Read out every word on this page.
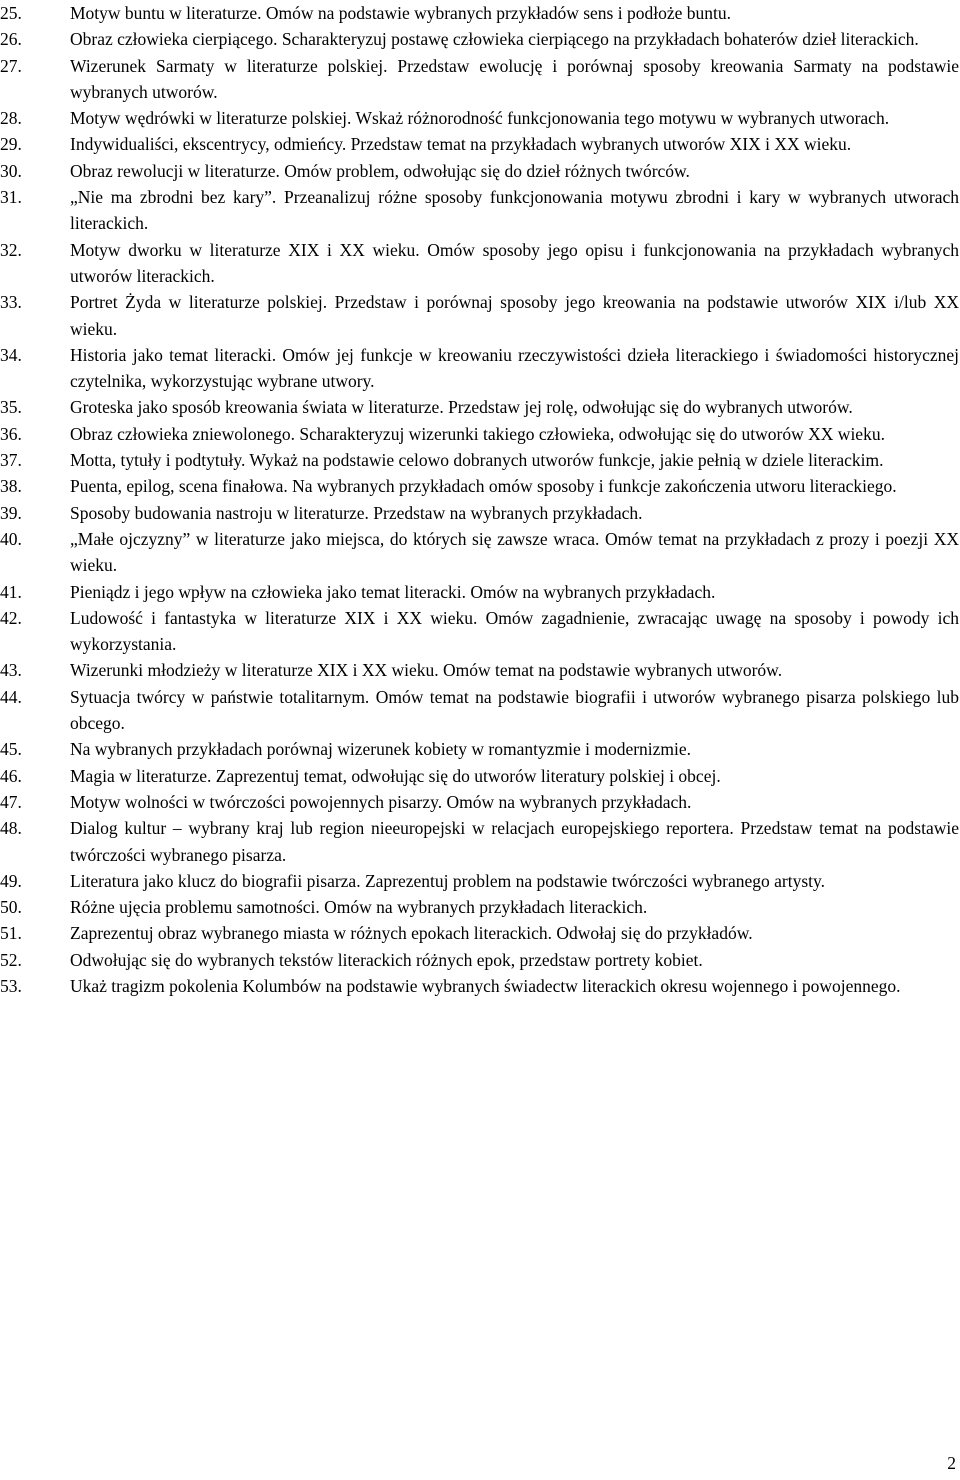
25.	Motyw buntu w literaturze. Omów na podstawie wybranych przykładów sens i podłoże buntu.
26.	Obraz człowieka cierpiącego. Scharakteryzuj postawę człowieka cierpiącego na przykładach bohaterów dzieł literackich.
27.	Wizerunek Sarmaty w literaturze polskiej. Przedstaw ewolucję i porównaj sposoby kreowania Sarmaty na podstawie wybranych utworów.
28.	Motyw wędrówki w literaturze polskiej. Wskaż różnorodność funkcjonowania tego motywu w wybranych utworach.
29.	Indywidualiści, ekscentrycy, odmieńcy. Przedstaw temat na przykładach wybranych utworów XIX i XX wieku.
30.	Obraz rewolucji w literaturze. Omów problem, odwołując się do dzieł różnych twórców.
31.	„Nie ma zbrodni bez kary”. Przeanalizuj różne sposoby funkcjonowania motywu zbrodni i kary w wybranych utworach literackich.
32.	Motyw dworku w literaturze XIX i XX wieku. Omów sposoby jego opisu i funkcjonowania na przykładach wybranych utworów literackich.
33.	Portret Żyda w literaturze polskiej. Przedstaw i porównaj sposoby jego kreowania na podstawie utworów XIX i/lub XX wieku.
34.	Historia jako temat literacki. Omów jej funkcje w kreowaniu rzeczywistości dzieła literackiego i świadomości historycznej czytelnika, wykorzystując wybrane utwory.
35.	Groteska jako sposób kreowania świata w literaturze. Przedstaw jej rolę, odwołując się do wybranych utworów.
36.	Obraz człowieka zniewolonego. Scharakteryzuj wizerunki takiego człowieka, odwołując się do utworów XX wieku.
37.	Motta, tytuły i podtytuły. Wykaż na podstawie celowo dobranych utworów funkcje, jakie pełnią w dziele literackim.
38.	Puenta, epilog, scena finałowa. Na wybranych przykładach omów sposoby i funkcje zakończenia utworu literackiego.
39.	Sposoby budowania nastroju w literaturze. Przedstaw na wybranych przykładach.
40.	„Małe ojczyzny” w literaturze jako miejsca, do których się zawsze wraca. Omów temat na przykładach z prozy i poezji XX wieku.
41.	Pieniądz i jego wpływ na człowieka jako temat literacki. Omów na wybranych przykładach.
42.	Ludowość i fantastyka w literaturze XIX i XX wieku. Omów zagadnienie, zwracając uwagę na sposoby i powody ich wykorzystania.
43.	Wizerunki młodzieży w literaturze XIX i XX wieku. Omów temat na podstawie wybranych utworów.
44.	Sytuacja twórcy w państwie totalitarnym. Omów temat na podstawie biografii i utworów wybranego pisarza polskiego lub obcego.
45.	Na wybranych przykładach porównaj wizerunek kobiety w romantyzmie i modernizmie.
46.	Magia w literaturze. Zaprezentuj temat, odwołując się do utworów literatury polskiej i obcej.
47.	Motyw wolności w twórczości powojennych pisarzy. Omów na wybranych przykładach.
48.	Dialog kultur – wybrany kraj lub region nieeuropejski w relacjach europejskiego reportera. Przedstaw temat na podstawie twórczości wybranego pisarza.
49.	Literatura jako klucz do biografii pisarza. Zaprezentuj problem na podstawie twórczości wybranego artysty.
50.	Różne ujęcia problemu samotności. Omów na wybranych przykładach literackich.
51.	Zaprezentuj obraz wybranego miasta w różnych epokach literackich. Odwołaj się do przykładów.
52.	Odwołując się do wybranych tekstów literackich różnych epok, przedstaw portrety kobiet.
53.	Ukaż tragizm pokolenia Kolumbów na podstawie wybranych świadectw literackich okresu wojennego i powojennego.
2
